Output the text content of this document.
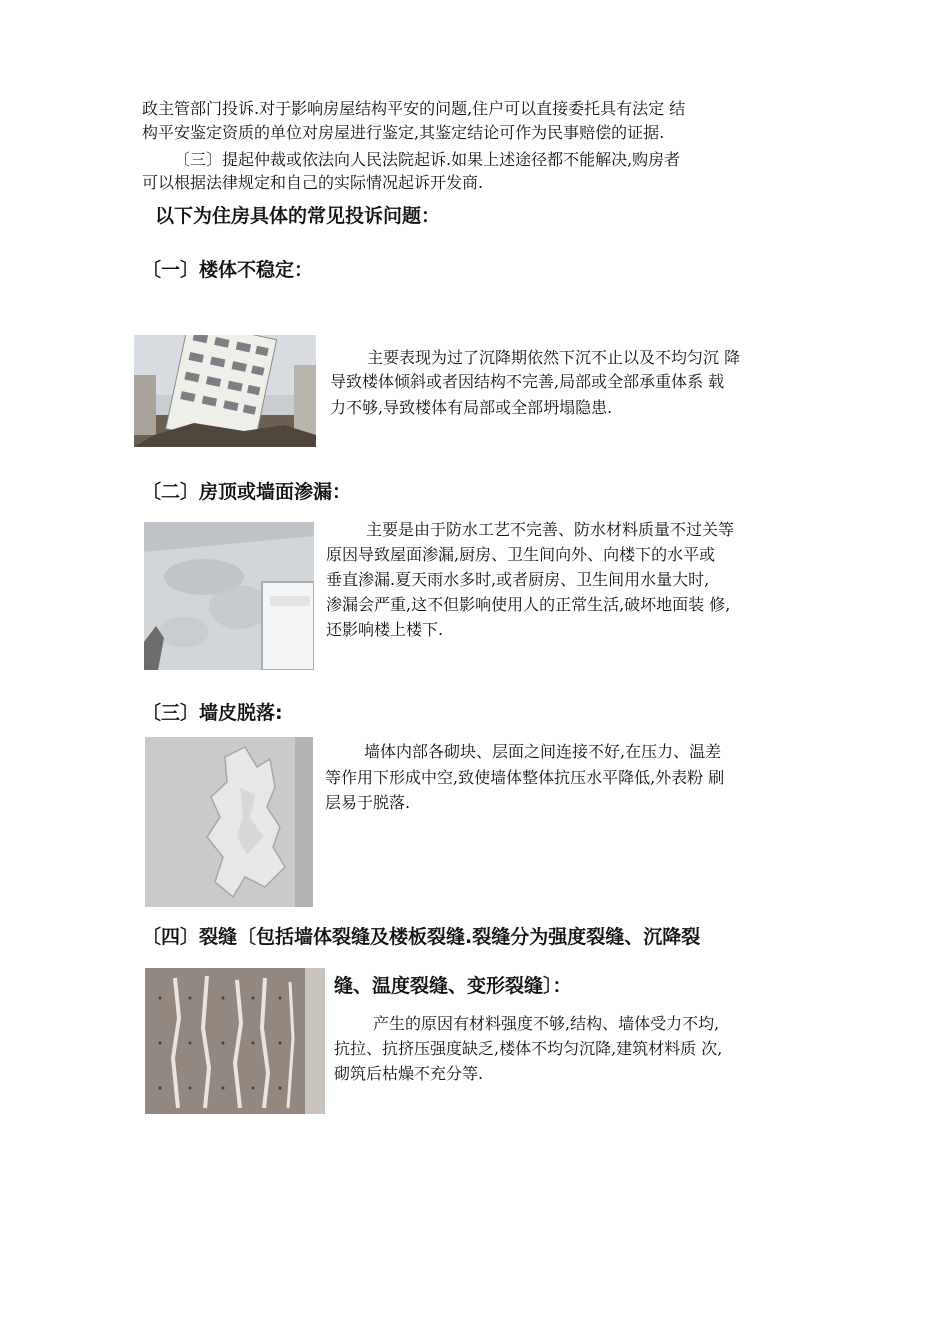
政主管部门投诉.对于影响房屋结构平安的问题,住户可以直接委托具有法定 结
构平安鉴定资质的单位对房屋进行鉴定,其鉴定结论可作为民事赔偿的证据.
〔三〕提起仲裁或依法向人民法院起诉.如果上述途径都不能解决,购房者
可以根据法律规定和自己的实际情况起诉开发商.
以下为住房具体的常见投诉问题：
〔一〕楼体不稳定：
主要表现为过了沉降期依然下沉不止以及不均匀沉 降
导致楼体倾斜或者因结构不完善,局部或全部承重体系 载
力不够,导致楼体有局部或全部坍塌隐患.
〔二〕房顶或墙面渗漏：
主要是由于防水工艺不完善、防水材料质量不过关等
原因导致屋面渗漏,厨房、卫生间向外、向楼下的水平或
垂直渗漏.夏天雨水多时,或者厨房、卫生间用水量大时,
渗漏会严重,这不但影响使用人的正常生活,破坏地面装 修,
还影响楼上楼下.
〔三〕墙皮脱落:
墙体内部各砌块、层面之间连接不好,在压力、温差
等作用下形成中空,致使墙体整体抗压水平降低,外表粉 刷
层易于脱落.
〔四〕裂缝〔包括墙体裂缝及楼板裂缝.裂缝分为强度裂缝、沉降裂
缝、温度裂缝、变形裂缝〕：
产生的原因有材料强度不够,结构、墙体受力不均,
抗拉、抗挤压强度缺乏,楼体不均匀沉降,建筑材料质 次,
砌筑后枯燥不充分等.
